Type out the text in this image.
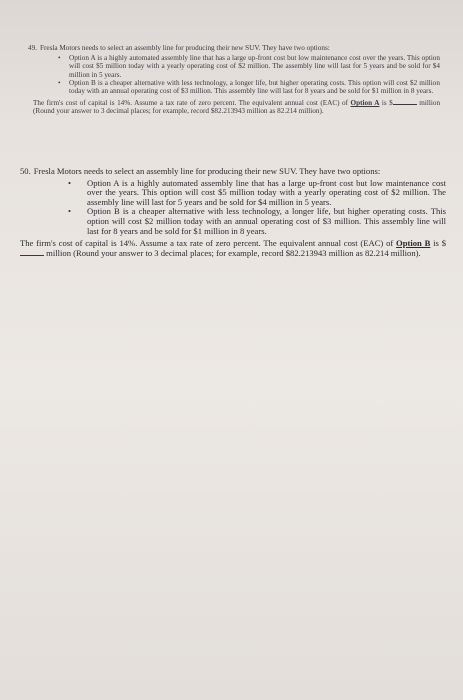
49. Fresla Motors needs to select an assembly line for producing their new SUV. They have two options:

• Option A is a highly automated assembly line that has a large up-front cost but low maintenance cost over the years. This option will cost $5 million today with a yearly operating cost of $2 million. The assembly line will last for 5 years and be sold for $4 million in 5 years.
• Option B is a cheaper alternative with less technology, a longer life, but higher operating costs. This option will cost $2 million today with an annual operating cost of $3 million. This assembly line will last for 8 years and be sold for $1 million in 8 years.

The firm's cost of capital is 14%. Assume a tax rate of zero percent. The equivalent annual cost (EAC) of Option A is $	million (Round your answer to 3 decimal places; for example, record $82.213943 million as 82.214 million).

50. Fresla Motors needs to select an assembly line for producing their new SUV. They have two options:

• Option A is a highly automated assembly line that has a large up-front cost but low maintenance cost over the years. This option will cost $5 million today with a yearly operating cost of $2 million. The assembly line will last for 5 years and be sold for $4 million in 5 years.
• Option B is a cheaper alternative with less technology, a longer life, but higher operating costs. This option will cost $2 million today with an annual operating cost of $3 million. This assembly line will last for 8 years and be sold for $1 million in 8 years.

The firm's cost of capital is 14%. Assume a tax rate of zero percent. The equivalent annual cost (EAC) of Option B is $ million (Round your answer to 3 decimal places; for example, record $82.213943 million as 82.214 million).
